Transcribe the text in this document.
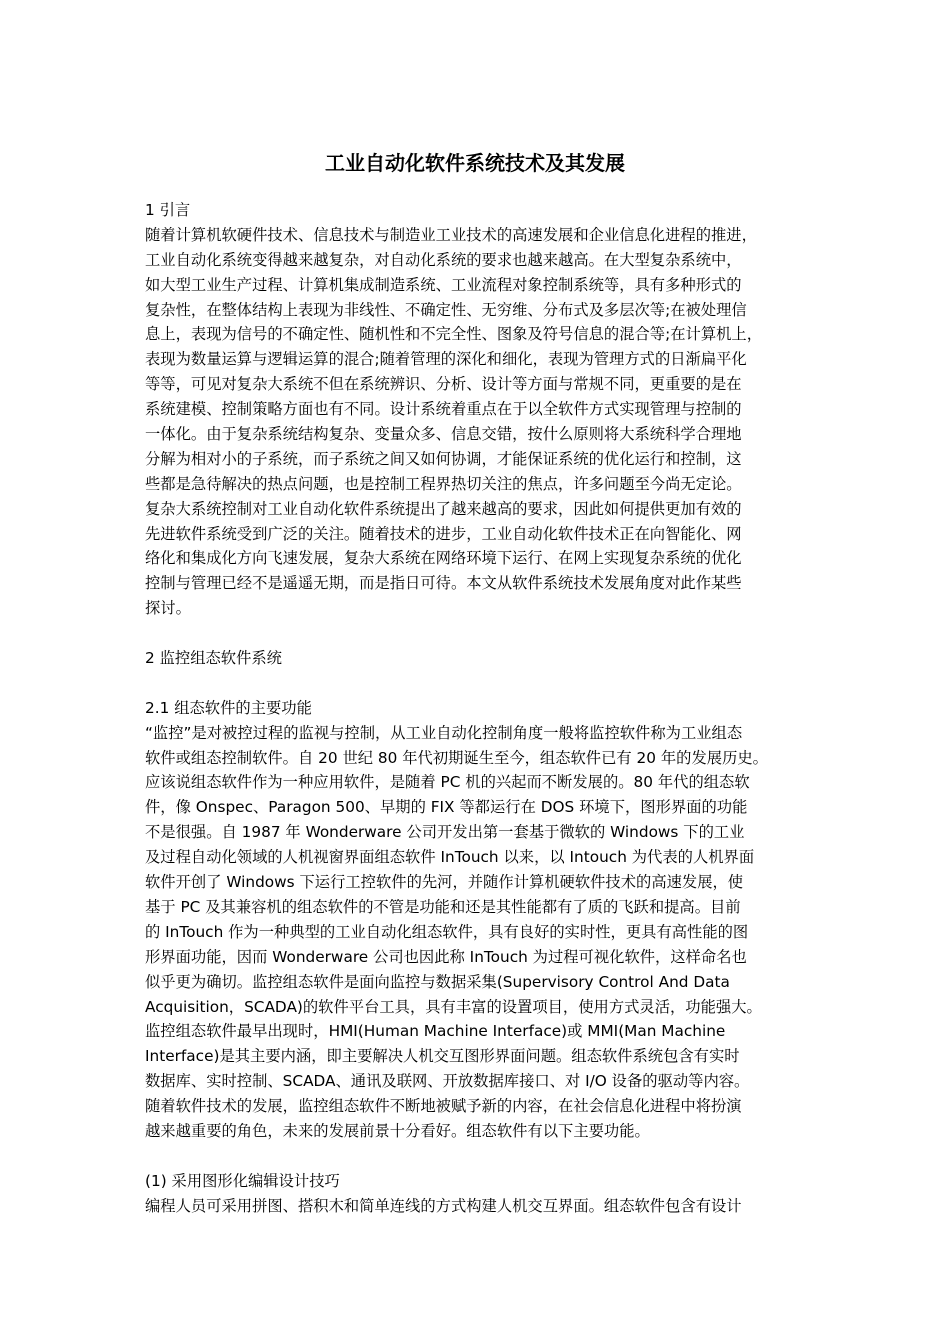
工业自动化软件系统技术及其发展
1 引言
随着计算机软硬件技术、信息技术与制造业工业技术的高速发展和企业信息化进程的推进，
工业自动化系统变得越来越复杂，对自动化系统的要求也越来越高。在大型复杂系统中，
如大型工业生产过程、计算机集成制造系统、工业流程对象控制系统等，具有多种形式的
复杂性，在整体结构上表现为非线性、不确定性、无穷维、分布式及多层次等;在被处理信
息上，表现为信号的不确定性、随机性和不完全性、图象及符号信息的混合等;在计算机上，
表现为数量运算与逻辑运算的混合;随着管理的深化和细化，表现为管理方式的日渐扁平化
等等，可见对复杂大系统不但在系统辨识、分析、设计等方面与常规不同，更重要的是在
系统建模、控制策略方面也有不同。设计系统着重点在于以全软件方式实现管理与控制的
一体化。由于复杂系统结构复杂、变量众多、信息交错，按什么原则将大系统科学合理地
分解为相对小的子系统，而子系统之间又如何协调，才能保证系统的优化运行和控制，这
些都是急待解决的热点问题，也是控制工程界热切关注的焦点，许多问题至今尚无定论。
复杂大系统控制对工业自动化软件系统提出了越来越高的要求，因此如何提供更加有效的
先进软件系统受到广泛的关注。随着技术的进步，工业自动化软件技术正在向智能化、网
络化和集成化方向飞速发展，复杂大系统在网络环境下运行、在网上实现复杂系统的优化
控制与管理已经不是遥遥无期，而是指日可待。本文从软件系统技术发展角度对此作某些
探讨。
2 监控组态软件系统
2.1 组态软件的主要功能
“监控”是对被控过程的监视与控制，从工业自动化控制角度一般将监控软件称为工业组态
软件或组态控制软件。自 20 世纪 80 年代初期诞生至今，组态软件已有 20 年的发展历史。
应该说组态软件作为一种应用软件，是随着 PC 机的兴起而不断发展的。80 年代的组态软
件，像 Onspec、Paragon 500、早期的 FIX 等都运行在 DOS 环境下，图形界面的功能
不是很强。自 1987 年 Wonderware 公司开发出第一套基于微软的 Windows 下的工业
及过程自动化领域的人机视窗界面组态软件 InTouch 以来，以 Intouch 为代表的人机界面
软件开创了 Windows 下运行工控软件的先河，并随作计算机硬软件技术的高速发展，使
基于 PC 及其兼容机的组态软件的不管是功能和还是其性能都有了质的飞跃和提高。目前
的 InTouch 作为一种典型的工业自动化组态软件，具有良好的实时性，更具有高性能的图
形界面功能，因而 Wonderware 公司也因此称 InTouch 为过程可视化软件，这样命名也
似乎更为确切。监控组态软件是面向监控与数据采集(Supervisory Control And Data
Acquisition，SCADA)的软件平台工具，具有丰富的设置项目，使用方式灵活，功能强大。
监控组态软件最早出现时，HMI(Human Machine Interface)或 MMI(Man Machine
Interface)是其主要内涵，即主要解决人机交互图形界面问题。组态软件系统包含有实时
数据库、实时控制、SCADA、通讯及联网、开放数据库接口、对 I/O 设备的驱动等内容。
随着软件技术的发展，监控组态软件不断地被赋予新的内容，在社会信息化进程中将扮演
越来越重要的角色，未来的发展前景十分看好。组态软件有以下主要功能。
(1) 采用图形化编辑设计技巧
编程人员可采用拼图、搭积木和简单连线的方式构建人机交互界面。组态软件包含有设计
